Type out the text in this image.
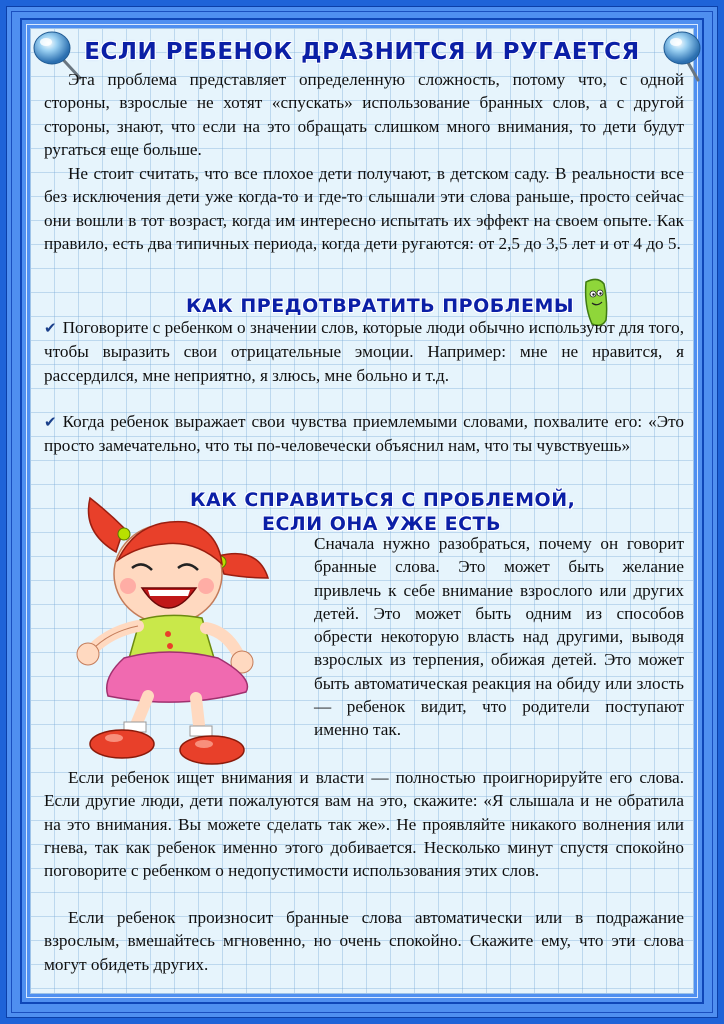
ЕСЛИ РЕБЕНОК ДРАЗНИТСЯ И РУГАЕТСЯ

Эта проблема представляет определенную сложность, потому что, с одной стороны, взрослые не хотят «спускать» использование бранных слов, а с другой стороны, знают, что если на это обращать слишком много внимания, то дети будут ругаться еще больше.

Не стоит считать, что все плохое дети получают, в детском саду. В реальности все без исключения дети уже когда-то и где-то слышали эти слова раньше, просто сейчас они вошли в тот возраст, когда им интересно испытать их эффект на своем опыте. Как правило, есть два типичных периода, когда дети ругаются: от 2,5 до 3,5 лет и от 4 до 5.

КАК ПРЕДОТВРАТИТЬ ПРОБЛЕМЫ

✔ Поговорите с ребенком о значении слов, которые люди обычно используют для того, чтобы выразить свои отрицательные эмоции. Например: мне не нравится, я рассердился, мне неприятно, я злюсь, мне больно и т.д.

✔ Когда ребенок выражает свои чувства приемлемыми словами, похвалите его: «Это просто замечательно, что ты по-человечески объяснил нам, что ты чувствуешь»

КАК СПРАВИТЬСЯ С ПРОБЛЕМОЙ,
ЕСЛИ ОНА УЖЕ ЕСТЬ

Сначала нужно разобраться, почему он говорит бранные слова. Это может быть желание привлечь к себе внимание взрослого или других детей. Это может быть одним из способов обрести некоторую власть над другими, выводя взрослых из терпения, обижая детей. Это может быть автоматическая реакция на обиду или злость — ребенок видит, что родители поступают именно так.

Если ребенок ищет внимания и власти — полностью проигнорируйте его слова. Если другие люди, дети пожалуются вам на это, скажите: «Я слышала и не обратила на это внимания. Вы можете сделать так же». Не проявляйте никакого волнения или гнева, так как ребенок именно этого добивается. Несколько минут спустя спокойно поговорите с ребенком о недопустимости использования этих слов.

Если ребенок произносит бранные слова автоматически или в подражание взрослым, вмешайтесь мгновенно, но очень спокойно. Скажите ему, что эти слова могут обидеть других.
